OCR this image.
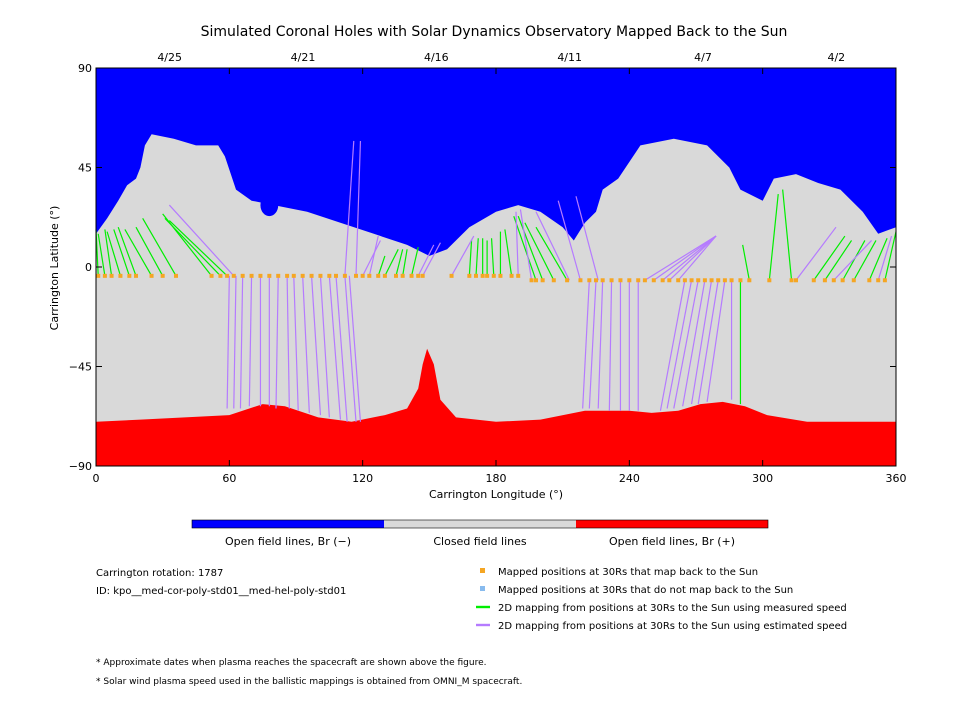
Simulated Coronal Holes with Solar Dynamics Observatory Mapped Back to the Sun
4/25	4/21	4/16	4/11	4/7	4/2
0	60	120	180	240	300	360
90
45
0
−45
−90
Carrington Longitude (°)
Carrington Latitude (°)
Open field lines, Br (−)	Closed field lines	Open field lines, Br (+)
Carrington rotation: 1787
ID: kpo__med-cor-poly-std01__med-hel-poly-std01
Mapped positions at 30Rs that map back to the Sun
Mapped positions at 30Rs that do not map back to the Sun
2D mapping from positions at 30Rs to the Sun using measured speed
2D mapping from positions at 30Rs to the Sun using estimated speed
* Approximate dates when plasma reaches the spacecraft are shown above the figure.
* Solar wind plasma speed used in the ballistic mappings is obtained from OMNI_M spacecraft.
